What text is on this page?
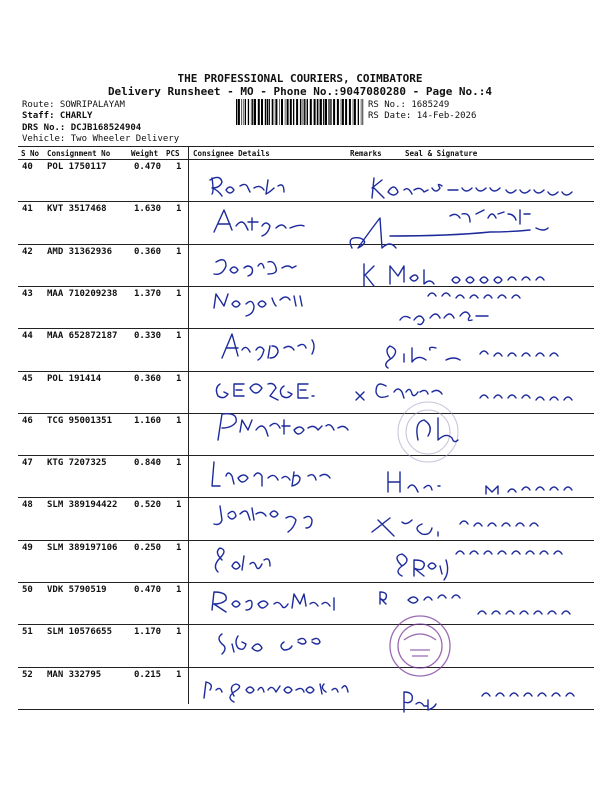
THE PROFESSIONAL COURIERS, COIMBATORE
Delivery Runsheet - MO - Phone No.:9047080280 - Page No.:4
Route: SOWRIPALAYAM
Staff: CHARLY
DRS No.: DCJB168524904
Vehicle: Two Wheeler Delivery
RS No.: 1685249
RS Date: 14-Feb-2026
S No Consignment No	Weight PCS Consignee Details	Remarks	Seal & Signature
40 POL 1750117	0.470 1
41 KVT 3517468	1.630 1
42 AMD 31362936 0.360 1
43 MAA 710209238 1.370 1
44 MAA 652872187 0.330 1
45 POL 191414	0.360 1
46 TCG 95001351 1.160 1
47 KTG 7207325	0.840 1
48 SLM 389194422 0.520 1
49 SLM 389197106 0.250 1
50 VDK 5790519	0.470 1
51 SLM 10576655 1.170 1
52 MAN 332795	0.215 1
